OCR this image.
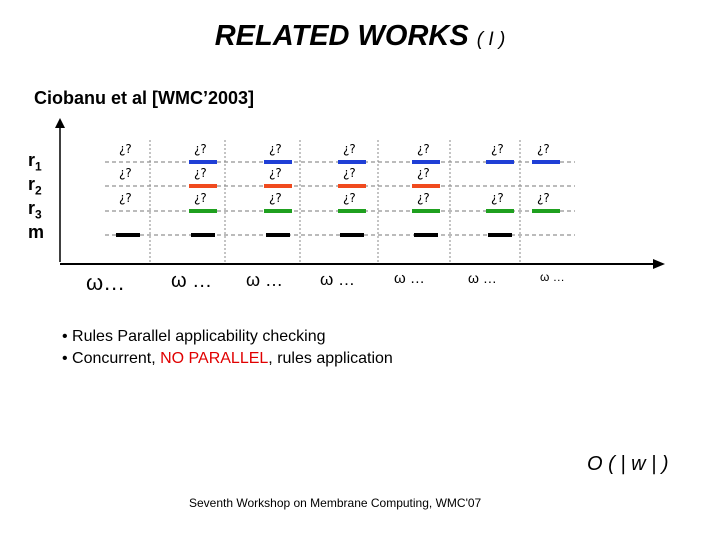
RELATED WORKS ( I )
Ciobanu et al [WMC’2003]
$r_1$
$r_2$
$r_3$
m
¿?
¿?
¿?
ω…
¿?
¿?
¿?
ω …
¿?
¿?
¿?
ω …
¿?
¿?
¿?
ω …
¿?
¿?
¿?
ω …
¿?
¿?
ω …
¿?
¿?
ω …
• Rules Parallel applicability checking
• Concurrent, NO PARALLEL, rules application
O ( | w | )
Seventh Workshop on Membrane Computing, WMC'07
